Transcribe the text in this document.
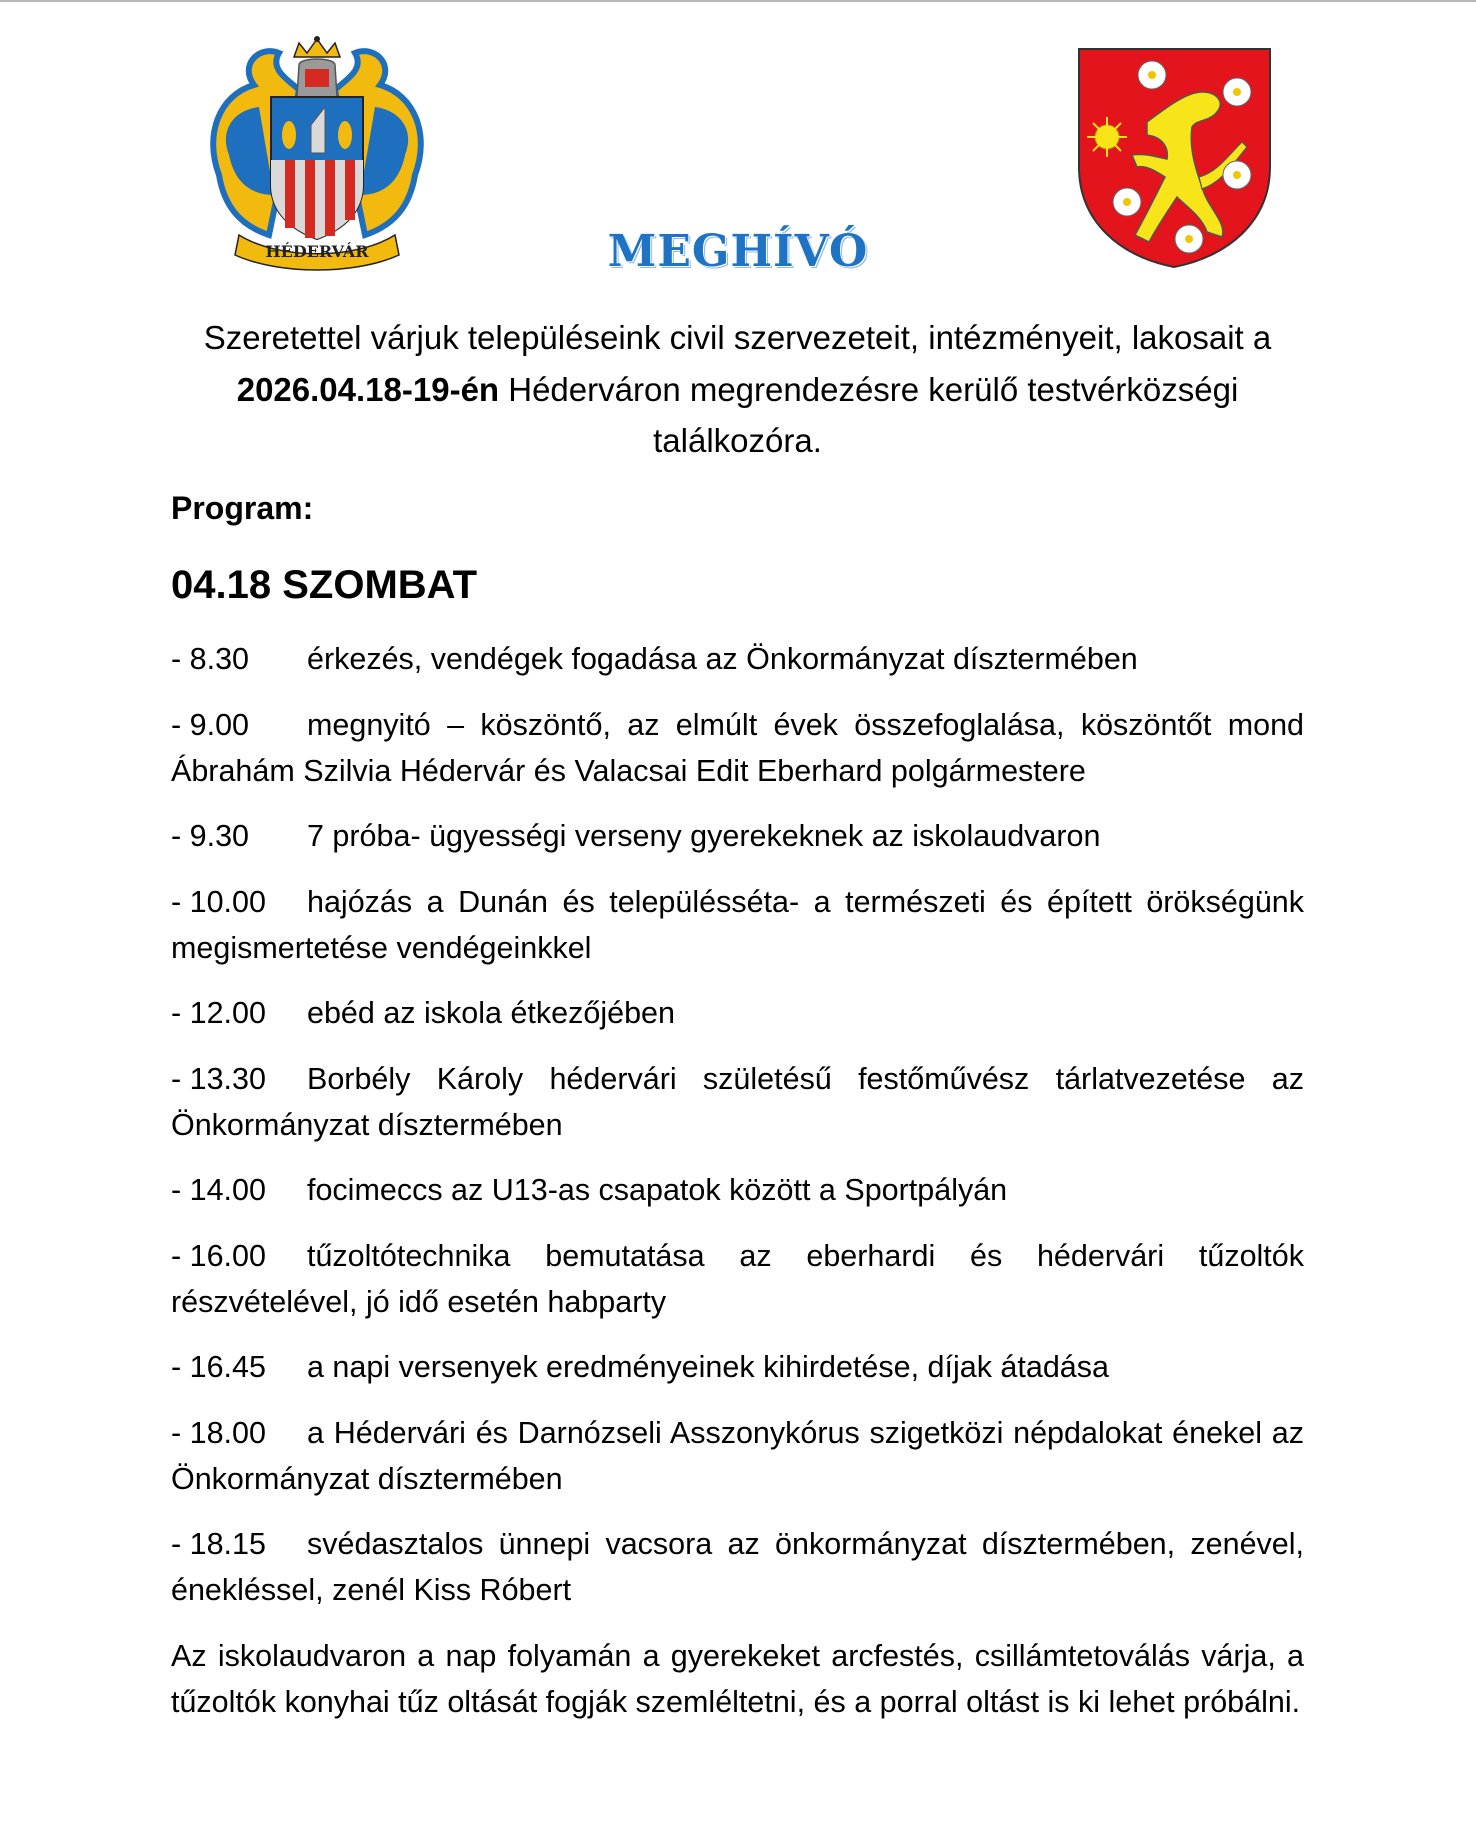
HÉDERVÁR	MEGHÍVÓ
Szeretettel várjuk településeink civil szervezeteit, intézményeit, lakosait a 2026.04.18-19-én Héderváron megrendezésre kerülő testvérközségi találkozóra.
Program:
04.18 SZOMBAT
- 8.30 érkezés, vendégek fogadása az Önkormányzat dísztermében
- 9.00 megnyitó – köszöntő, az elmúlt évek összefoglalása, köszöntőt mond Ábrahám Szilvia Hédervár és Valacsai Edit Eberhard polgármestere
- 9.30 7 próba- ügyességi verseny gyerekeknek az iskolaudvaron
- 10.00 hajózás a Dunán és településséta- a természeti és épített örökségünk megismertetése vendégeinkkel
- 12.00 ebéd az iskola étkezőjében
- 13.30 Borbély Károly hédervári születésű festőművész tárlatvezetése az Önkormányzat dísztermében
- 14.00 focimeccs az U13-as csapatok között a Sportpályán
- 16.00 tűzoltótechnika bemutatása az eberhardi és hédervári tűzoltók részvételével, jó idő esetén habparty
- 16.45 a napi versenyek eredményeinek kihirdetése, díjak átadása
- 18.00 a Hédervári és Darnózseli Asszonykórus szigetközi népdalokat énekel az Önkormányzat dísztermében
- 18.15 svédasztalos ünnepi vacsora az önkormányzat dísztermében, zenével, énekléssel, zenél Kiss Róbert
Az iskolaudvaron a nap folyamán a gyerekeket arcfestés, csillámtetoválás várja, a tűzoltók konyhai tűz oltását fogják szemléltetni, és a porral oltást is ki lehet próbálni.
